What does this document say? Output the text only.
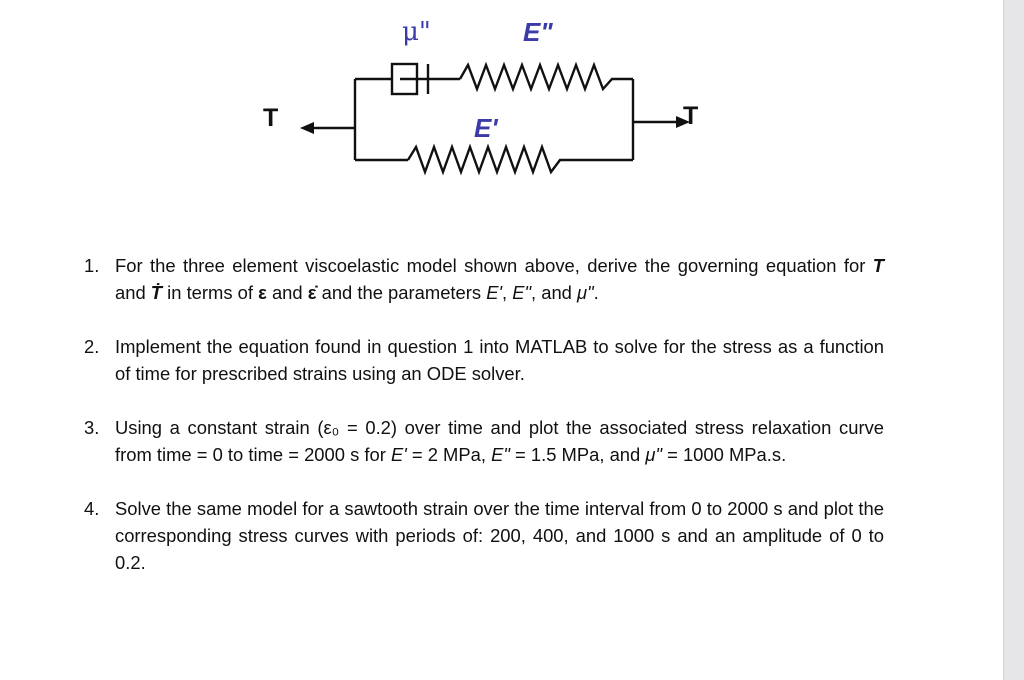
μ"	E"
E'
T	T
1. For the three element viscoelastic model shown above, derive the governing equation for T and Ṫ in terms of ε and ε̇ and the parameters E', E", and μ".
2. Implement the equation found in question 1 into MATLAB to solve for the stress as a function of time for prescribed strains using an ODE solver.
3. Using a constant strain (ε₀ = 0.2) over time and plot the associated stress relaxation curve from time = 0 to time = 2000 s for E' = 2 MPa, E" = 1.5 MPa, and μ" = 1000 MPa.s.
4. Solve the same model for a sawtooth strain over the time interval from 0 to 2000 s and plot the corresponding stress curves with periods of: 200, 400, and 1000 s and an amplitude of 0 to 0.2.
